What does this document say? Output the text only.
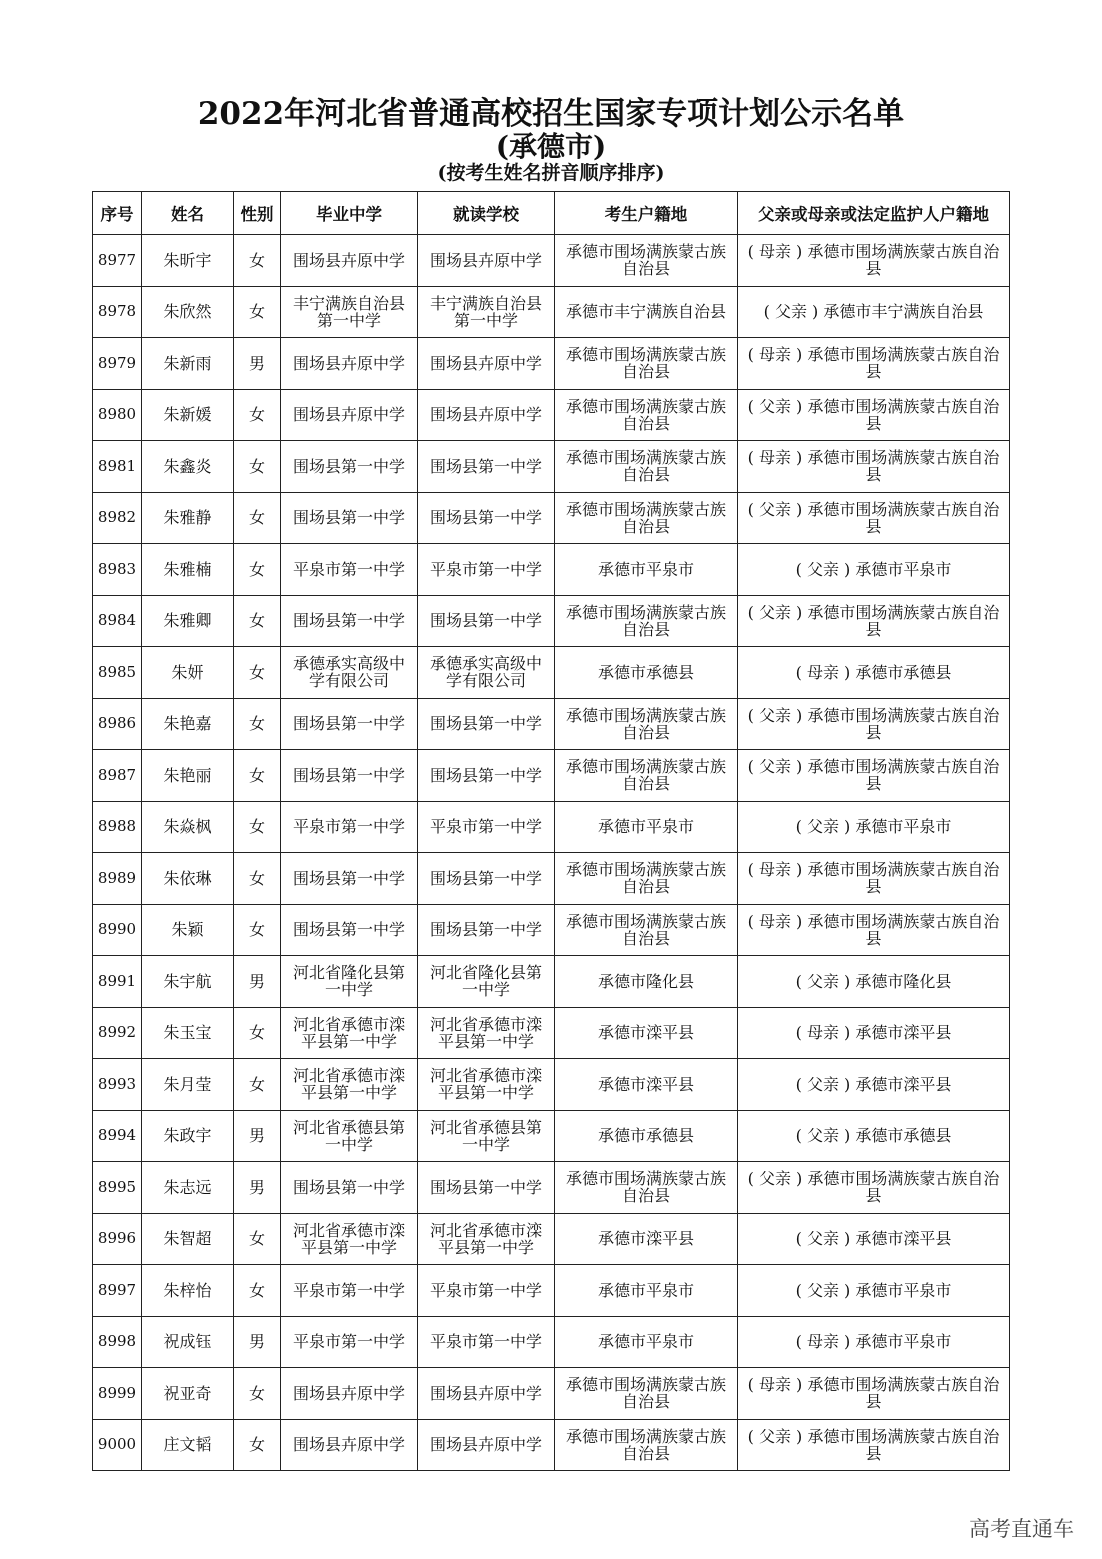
2022年河北省普通高校招生国家专项计划公示名单
(承德市)
(按考生姓名拼音顺序排序)
序号	姓名	性别	毕业中学	就读学校	考生户籍地	父亲或母亲或法定监护人户籍地
8977	朱昕宇	女	围场县卉原中学	围场县卉原中学	承德市围场满族蒙古族自治县	( 母亲 ) 承德市围场满族蒙古族自治县
8978	朱欣然	女	丰宁满族自治县第一中学	丰宁满族自治县第一中学	承德市丰宁满族自治县	( 父亲 ) 承德市丰宁满族自治县
8979	朱新雨	男	围场县卉原中学	围场县卉原中学	承德市围场满族蒙古族自治县	( 母亲 ) 承德市围场满族蒙古族自治县
8980	朱新媛	女	围场县卉原中学	围场县卉原中学	承德市围场满族蒙古族自治县	( 父亲 ) 承德市围场满族蒙古族自治县
8981	朱鑫炎	女	围场县第一中学	围场县第一中学	承德市围场满族蒙古族自治县	( 母亲 ) 承德市围场满族蒙古族自治县
8982	朱雅静	女	围场县第一中学	围场县第一中学	承德市围场满族蒙古族自治县	( 父亲 ) 承德市围场满族蒙古族自治县
8983	朱雅楠	女	平泉市第一中学	平泉市第一中学	承德市平泉市	( 父亲 ) 承德市平泉市
8984	朱雅卿	女	围场县第一中学	围场县第一中学	承德市围场满族蒙古族自治县	( 父亲 ) 承德市围场满族蒙古族自治县
8985	朱妍	女	承德承实高级中学有限公司	承德承实高级中学有限公司	承德市承德县	( 母亲 ) 承德市承德县
8986	朱艳嘉	女	围场县第一中学	围场县第一中学	承德市围场满族蒙古族自治县	( 父亲 ) 承德市围场满族蒙古族自治县
8987	朱艳丽	女	围场县第一中学	围场县第一中学	承德市围场满族蒙古族自治县	( 父亲 ) 承德市围场满族蒙古族自治县
8988	朱焱枫	女	平泉市第一中学	平泉市第一中学	承德市平泉市	( 父亲 ) 承德市平泉市
8989	朱依琳	女	围场县第一中学	围场县第一中学	承德市围场满族蒙古族自治县	( 母亲 ) 承德市围场满族蒙古族自治县
8990	朱颖	女	围场县第一中学	围场县第一中学	承德市围场满族蒙古族自治县	( 母亲 ) 承德市围场满族蒙古族自治县
8991	朱宇航	男	河北省隆化县第一中学	河北省隆化县第一中学	承德市隆化县	( 父亲 ) 承德市隆化县
8992	朱玉宝	女	河北省承德市滦平县第一中学	河北省承德市滦平县第一中学	承德市滦平县	( 母亲 ) 承德市滦平县
8993	朱月莹	女	河北省承德市滦平县第一中学	河北省承德市滦平县第一中学	承德市滦平县	( 父亲 ) 承德市滦平县
8994	朱政宇	男	河北省承德县第一中学	河北省承德县第一中学	承德市承德县	( 父亲 ) 承德市承德县
8995	朱志远	男	围场县第一中学	围场县第一中学	承德市围场满族蒙古族自治县	( 父亲 ) 承德市围场满族蒙古族自治县
8996	朱智超	女	河北省承德市滦平县第一中学	河北省承德市滦平县第一中学	承德市滦平县	( 父亲 ) 承德市滦平县
8997	朱梓怡	女	平泉市第一中学	平泉市第一中学	承德市平泉市	( 父亲 ) 承德市平泉市
8998	祝成钰	男	平泉市第一中学	平泉市第一中学	承德市平泉市	( 母亲 ) 承德市平泉市
8999	祝亚奇	女	围场县卉原中学	围场县卉原中学	承德市围场满族蒙古族自治县	( 母亲 ) 承德市围场满族蒙古族自治县
9000	庄文韬	女	围场县卉原中学	围场县卉原中学	承德市围场满族蒙古族自治县	( 父亲 ) 承德市围场满族蒙古族自治县
高考直通车
